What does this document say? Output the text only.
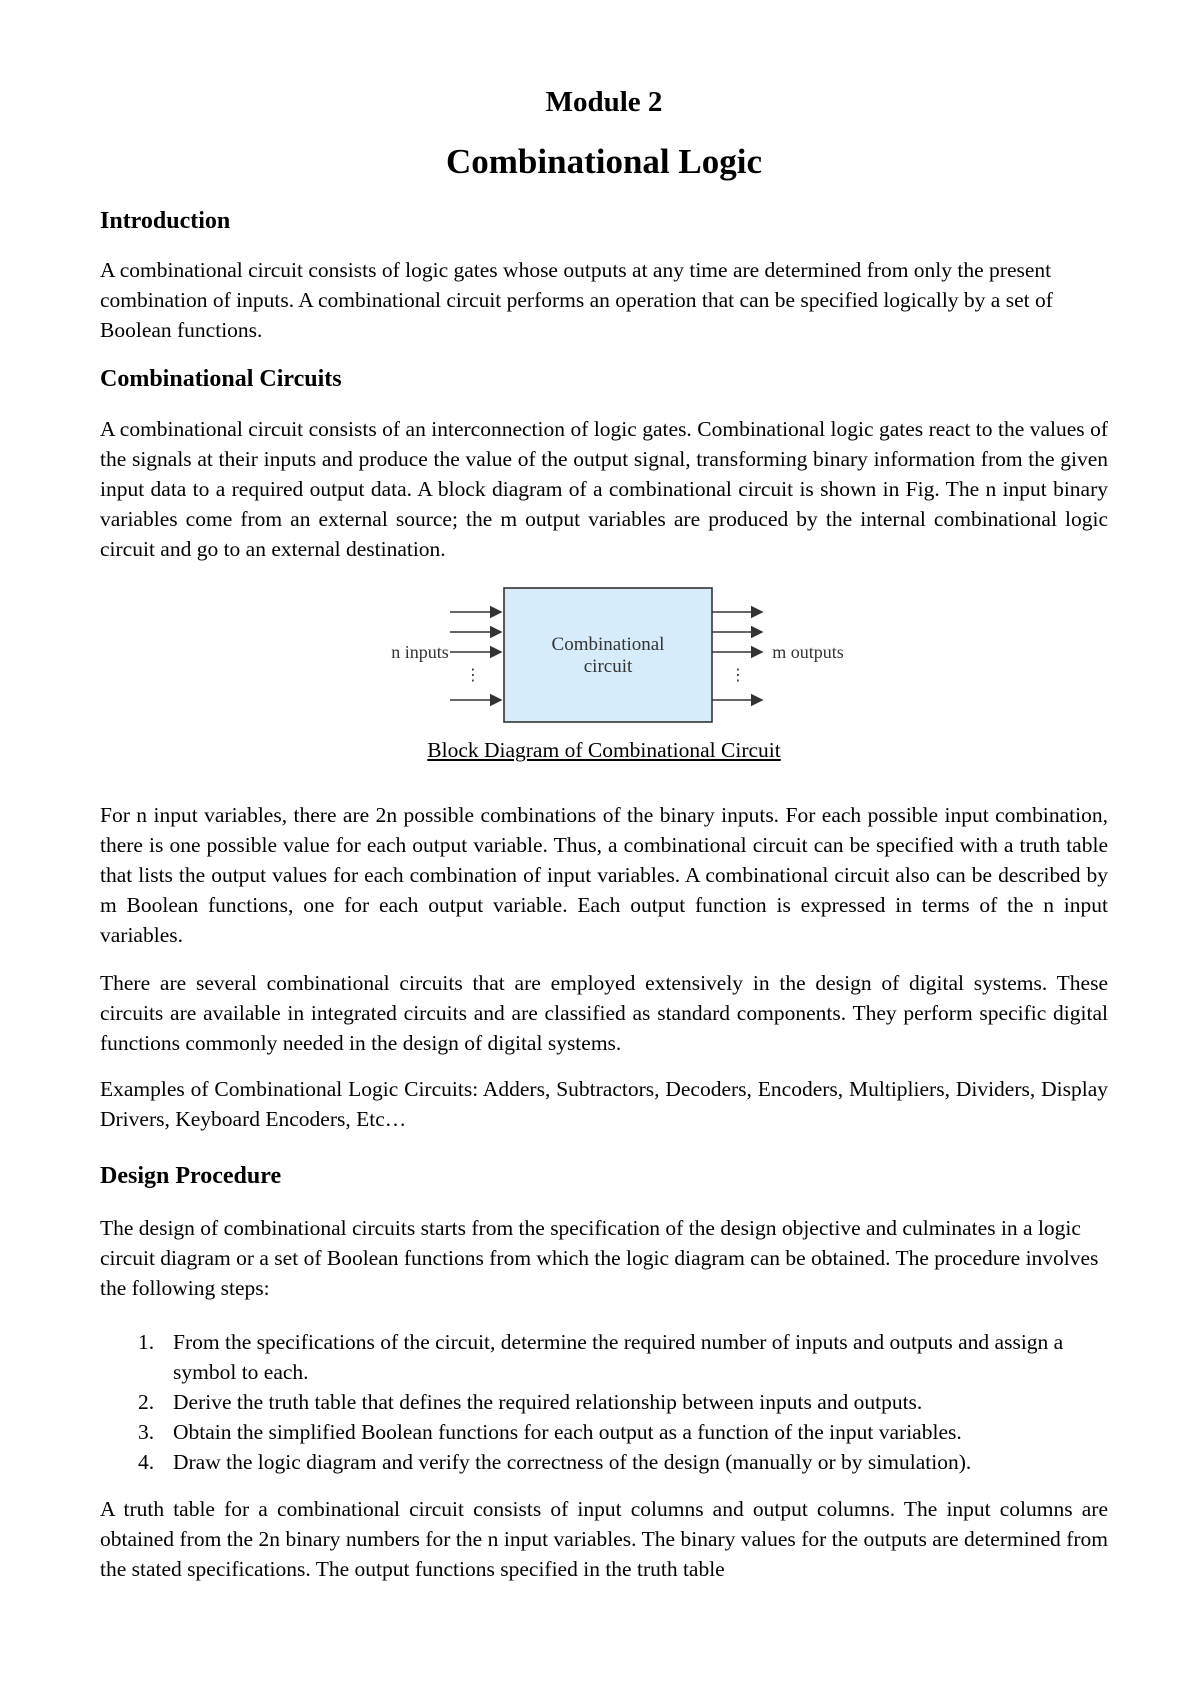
Module 2
Combinational Logic
Introduction

A combinational circuit consists of logic gates whose outputs at any time are determined from only the present combination of inputs. A combinational circuit performs an operation that can be specified logically by a set of Boolean functions.

Combinational Circuits

A combinational circuit consists of an interconnection of logic gates. Combinational logic gates react to the values of the signals at their inputs and produce the value of the output signal, transforming binary information from the given input data to a required output data. A block diagram of a combinational circuit is shown in Fig. The n input binary variables come from an external source; the m output variables are produced by the internal combinational logic circuit and go to an external destination.

⋮
Combinational
circuit	⋮
n inputs	m outputs

Block Diagram of Combinational Circuit

For n input variables, there are 2n possible combinations of the binary inputs. For each possible input combination, there is one possible value for each output variable. Thus, a combinational circuit can be specified with a truth table that lists the output values for each combination of input variables. A combinational circuit also can be described by m Boolean functions, one for each output variable. Each output function is expressed in terms of the n input variables.

There are several combinational circuits that are employed extensively in the design of digital systems. These circuits are available in integrated circuits and are classified as standard components. They perform specific digital functions commonly needed in the design of digital systems.

Examples of Combinational Logic Circuits: Adders, Subtractors, Decoders, Encoders, Multipliers, Dividers, Display Drivers, Keyboard Encoders, Etc…

Design Procedure

The design of combinational circuits starts from the specification of the design objective and culminates in a logic circuit diagram or a set of Boolean functions from which the logic diagram can be obtained. The procedure involves the following steps:

1. From the specifications of the circuit, determine the required number of inputs and outputs and assign a symbol to each.
2. Derive the truth table that defines the required relationship between inputs and outputs.
3. Obtain the simplified Boolean functions for each output as a function of the input variables.
4. Draw the logic diagram and verify the correctness of the design (manually or by simulation).

A truth table for a combinational circuit consists of input columns and output columns. The input columns are obtained from the 2n binary numbers for the n input variables. The binary values for the outputs are determined from the stated specifications. The output functions specified in the truth table
